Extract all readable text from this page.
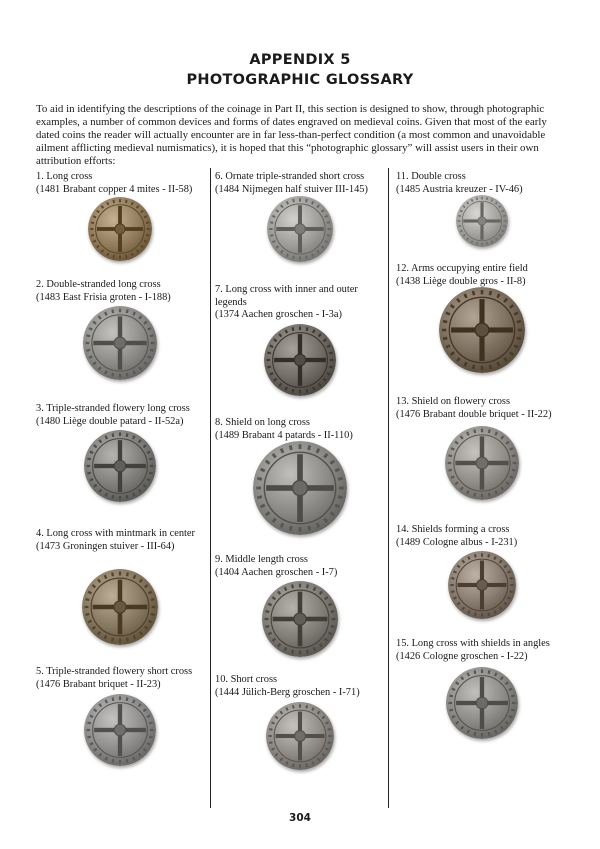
APPENDIX 5
PHOTOGRAPHIC GLOSSARY

To aid in identifying the descriptions of the coinage in Part II, this section is designed to show, through photographic examples, a number of common devices and forms of dates engraved on medieval coins. Given that most of the early dated coins the reader will actually encounter are in far less-than-perfect condition (a most common and unavoidable ailment afflicting medieval numismatics), it is hoped that this “photographic glossary” will assist users in their own attribution efforts:

1. Long cross
(1481 Brabant copper 4 mites - II-58)
2. Double-stranded long cross
(1483 East Frisia groten - I-188)
3. Triple-stranded flowery long cross
(1480 Liège double patard - II-52a)
4. Long cross with mintmark in center
(1473 Groningen stuiver - III-64)
5. Triple-stranded flowery short cross
(1476 Brabant briquet - II-23)
6. Ornate triple-stranded short cross
(1484 Nijmegen half stuiver III-145)
7. Long cross with inner and outer legends
(1374 Aachen groschen - I-3a)
8. Shield on long cross
(1489 Brabant 4 patards - II-110)
9. Middle length cross
(1404 Aachen groschen - I-7)
10. Short cross
(1444 Jülich-Berg groschen - I-71)
11. Double cross
(1485 Austria kreuzer - IV-46)
12. Arms occupying entire field
(1438 Liège double gros - II-8)
13. Shield on flowery cross
(1476 Brabant double briquet - II-22)
14. Shields forming a cross
(1489 Cologne albus - I-231)
15. Long cross with shields in angles
(1426 Cologne groschen - I-22)
304
